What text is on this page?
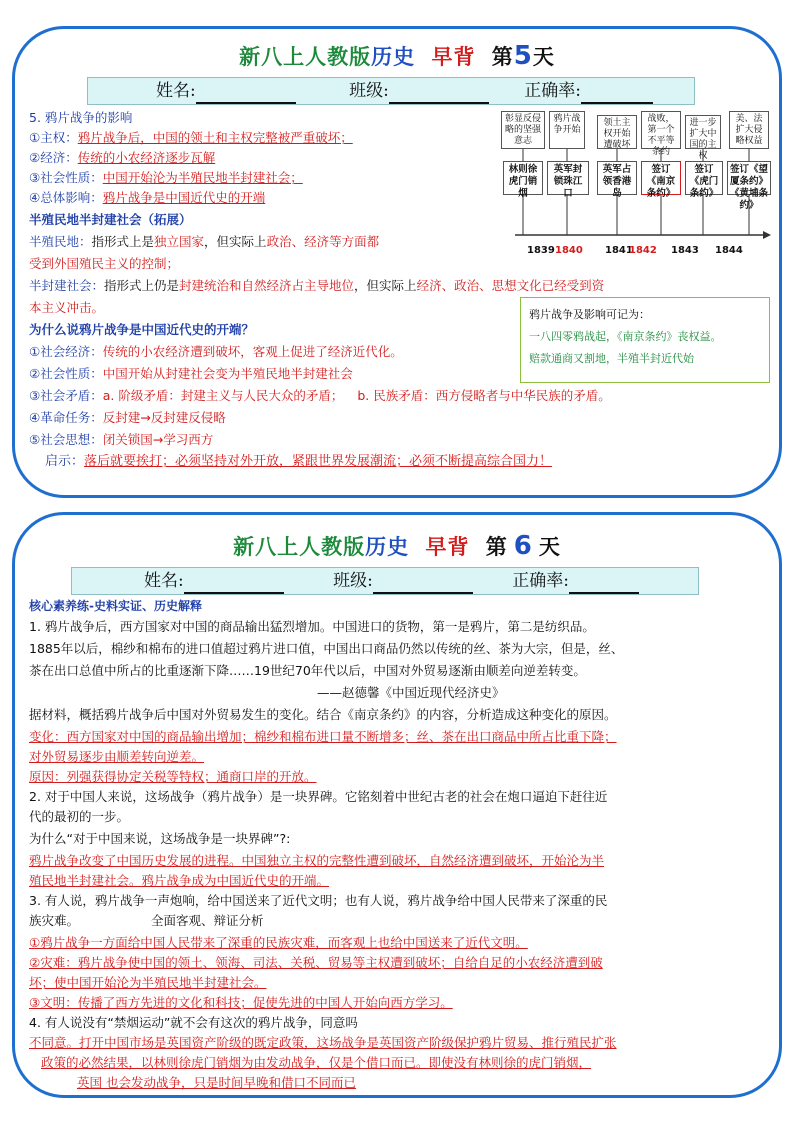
新八上人教版历史 早背 第5天
姓名:	班级:	正确率:
5. 鸦片战争的影响
①主权：鸦片战争后，中国的领土和主权完整被严重破坏；
②经济：传统的小农经济逐步瓦解
③社会性质：中国开始沦为半殖民地半封建社会；
④总体影响：鸦片战争是中国近代史的开端
半殖民地半封建社会（拓展）
半殖民地：指形式上是独立国家，但实际上政治、经济等方面都
受到外国殖民主义的控制；
半封建社会：指形式上仍是封建统治和自然经济占主导地位，但实际上经济、政治、思想文化已经受到资
本主义冲击。
为什么说鸦片战争是中国近代史的开端？
①社会经济：传统的小农经济遭到破坏，客观上促进了经济近代化。
②社会性质：中国开始从封建社会变为半殖民地半封建社会
③社会矛盾：a. 阶级矛盾：封建主义与人民大众的矛盾； b. 民族矛盾：西方侵略者与中华民族的矛盾。
④革命任务：反封建→反封建反侵略
⑤社会思想：闭关锁国→学习西方
启示：落后就要挨打；必须坚持对外开放，紧跟世界发展潮流；必须不断提高综合国力！
彰显反侵略的坚强意志
鸦片战争开始
领土主权开始遭破坏
战败，第一个不平等条约
进一步扩大中国的主权
美、法扩大侵略权益
林则徐虎门销烟
英军封锁珠江口
英军占领香港岛
签订《南京条约》
签订《虎门条约》
签订《望厦条约》《黄埔条约》
1839 1840 1841
1842 1843 1844
鸦片战争及影响可记为：
一八四零鸦战起，《南京条约》丧权益。
赔款通商又割地，半殖半封近代始
新八上人教版历史 早背 第 6 天
姓名:	班级:	正确率:
核心素养练-史料实证、历史解释
1. 鸦片战争后，西方国家对中国的商品输出猛烈增加。中国进口的货物，第一是鸦片，第二是纺织品。
1885年以后，棉纱和棉布的进口值超过鸦片进口值，中国出口商品仍然以传统的丝、茶为大宗，但是，丝、
茶在出口总值中所占的比重逐渐下降……19世纪70年代以后，中国对外贸易逐渐由顺差向逆差转变。
——赵德馨《中国近现代经济史》
据材料，概括鸦片战争后中国对外贸易发生的变化。结合《南京条约》的内容，分析造成这种变化的原因。
变化：西方国家对中国的商品输出增加；棉纱和棉布进口量不断增多；丝、茶在出口商品中所占比重下降；
对外贸易逐步由顺差转向逆差。
原因：列强获得协定关税等特权；通商口岸的开放。
2. 对于中国人来说，这场战争（鸦片战争）是一块界碑。它铭刻着中世纪古老的社会在炮口逼迫下赶往近
代的最初的一步。
为什么“对于中国来说，这场战争是一块界碑”?:
鸦片战争改变了中国历史发展的进程。中国独立主权的完整性遭到破坏，自然经济遭到破坏，开始沦为半
殖民地半封建社会。鸦片战争成为中国近代史的开端。
3. 有人说，鸦片战争一声炮响，给中国送来了近代文明；也有人说，鸦片战争给中国人民带来了深重的民
族灾难。	全面客观、辩证分析
①鸦片战争一方面给中国人民带来了深重的民族灾难，而客观上也给中国送来了近代文明。
②灾难：鸦片战争使中国的领土、领海、司法、关税、贸易等主权遭到破坏；自给自足的小农经济遭到破
坏；使中国开始沦为半殖民地半封建社会。
③文明：传播了西方先进的文化和科技；促使先进的中国人开始向西方学习。
4. 有人说没有“禁烟运动”就不会有这次的鸦片战争，同意吗
不同意。打开中国市场是英国资产阶级的既定政策，这场战争是英国资产阶级保护鸦片贸易、推行殖民扩张
政策的必然结果，以林则徐虎门销烟为由发动战争，仅是个借口而已。即使没有林则徐的虎门销烟，
英国 也会发动战争，只是时间早晚和借口不同而已
